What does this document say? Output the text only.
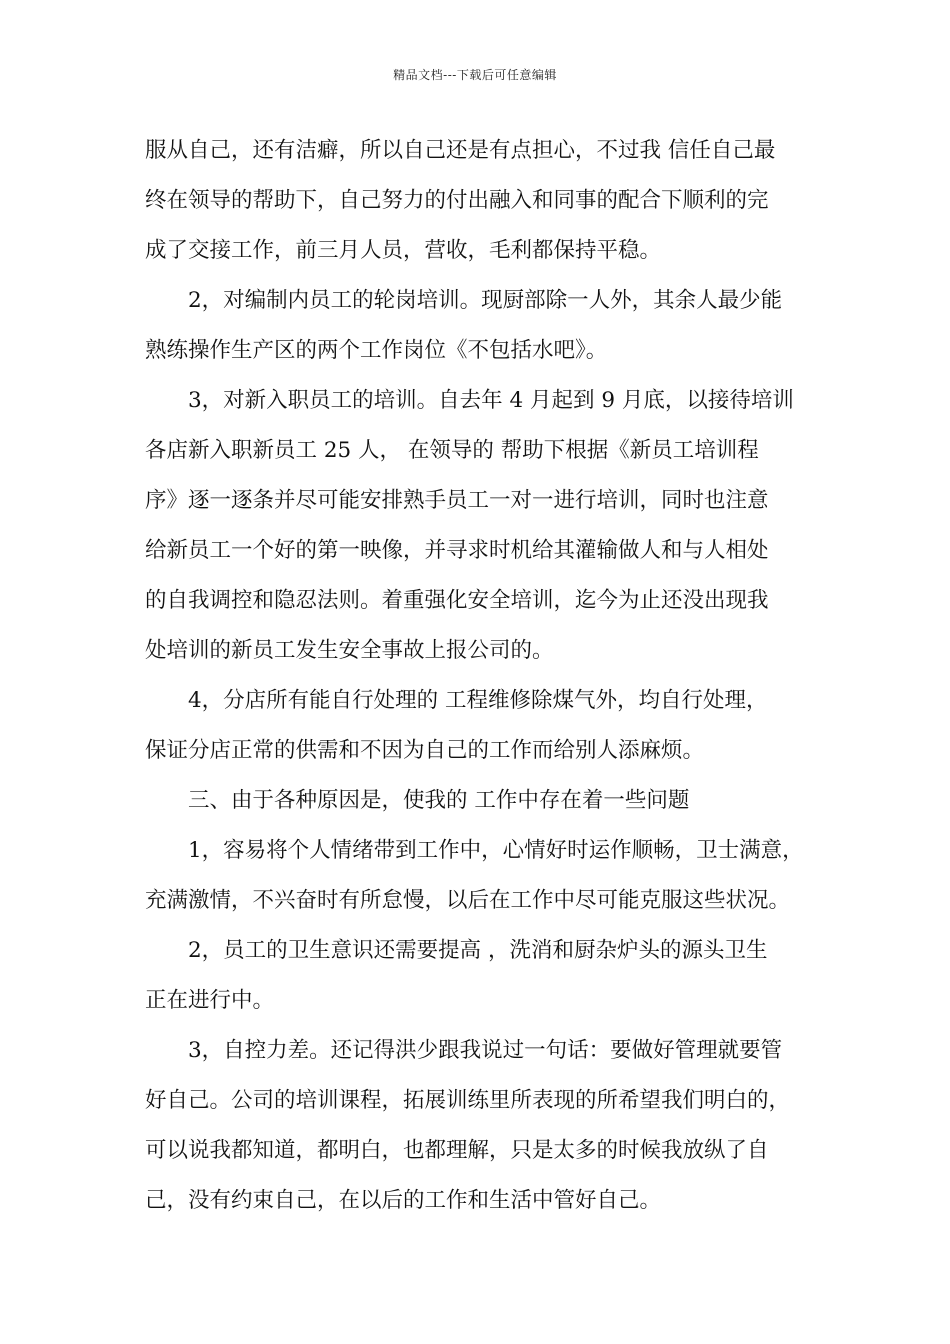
精品文档---下载后可任意编辑
服从自己，还有洁癖，所以自己还是有点担心，不过我 信任自己最
终在领导的帮助下，自己努力的付出融入和同事的配合下顺利的完
成了交接工作，前三月人员，营收，毛利都保持平稳。
2，对编制内员工的轮岗培训。现厨部除一人外，其余人最少能
熟练操作生产区的两个工作岗位《不包括水吧》。
3，对新入职员工的培训。自去年 4 月起到 9 月底，以接待培训
各店新入职新员工 25 人， 在领导的 帮助下根据《新员工培训程
序》逐一逐条并尽可能安排熟手员工一对一进行培训，同时也注意
给新员工一个好的第一映像，并寻求时机给其灌输做人和与人相处
的自我调控和隐忍法则。着重强化安全培训，迄今为止还没出现我
处培训的新员工发生安全事故上报公司的。
4，分店所有能自行处理的 工程维修除煤气外，均自行处理，
保证分店正常的供需和不因为自己的工作而给别人添麻烦。
三、由于各种原因是，使我的 工作中存在着一些问题
1，容易将个人情绪带到工作中，心情好时运作顺畅，卫士满意，
充满激情，不兴奋时有所怠慢，以后在工作中尽可能克服这些状况。
2，员工的卫生意识还需要提高 ，洗消和厨杂炉头的源头卫生
正在进行中。
3，自控力差。还记得洪少跟我说过一句话：要做好管理就要管
好自己。公司的培训课程，拓展训练里所表现的所希望我们明白的，
可以说我都知道，都明白，也都理解，只是太多的时候我放纵了自
己，没有约束自己，在以后的工作和生活中管好自己。
